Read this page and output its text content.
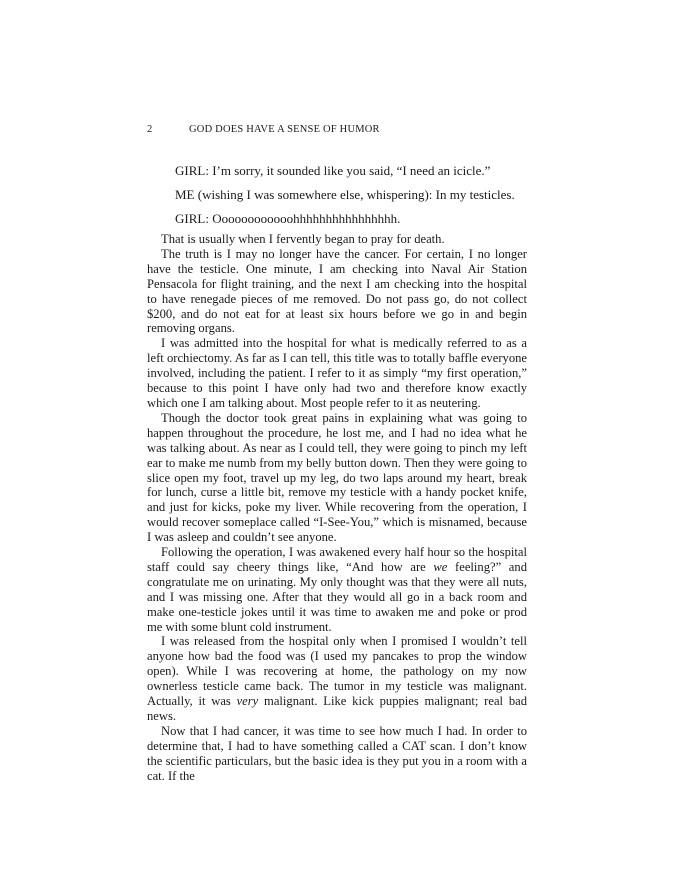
2	GOD DOES HAVE A SENSE OF HUMOR

GIRL: I’m sorry, it sounded like you said, “I need an icicle.”

ME (wishing I was somewhere else, whispering): In my testicles.

GIRL: Oooooooooooohhhhhhhhhhhhhhhh.

That is usually when I fervently began to pray for death.

The truth is I may no longer have the cancer. For certain, I no longer have the testicle. One minute, I am checking into Naval Air Station Pensacola for flight training, and the next I am checking into the hospital to have renegade pieces of me removed. Do not pass go, do not collect $200, and do not eat for at least six hours before we go in and begin removing organs.

I was admitted into the hospital for what is medically referred to as a left orchiectomy. As far as I can tell, this title was to totally baffle everyone involved, including the patient. I refer to it as simply “my first operation,” because to this point I have only had two and therefore know exactly which one I am talking about. Most people refer to it as neutering.

Though the doctor took great pains in explaining what was going to happen throughout the procedure, he lost me, and I had no idea what he was talking about. As near as I could tell, they were going to pinch my left ear to make me numb from my belly button down. Then they were going to slice open my foot, travel up my leg, do two laps around my heart, break for lunch, curse a little bit, remove my testicle with a handy pocket knife, and just for kicks, poke my liver. While recovering from the operation, I would recover someplace called “I-See-You,” which is misnamed, because I was asleep and couldn’t see anyone.

Following the operation, I was awakened every half hour so the hospital staff could say cheery things like, “And how are we feeling?” and congratulate me on urinating. My only thought was that they were all nuts, and I was missing one. After that they would all go in a back room and make one-testicle jokes until it was time to awaken me and poke or prod me with some blunt cold instrument.

I was released from the hospital only when I promised I wouldn’t tell anyone how bad the food was (I used my pancakes to prop the window open). While I was recovering at home, the pathology on my now ownerless testicle came back. The tumor in my testicle was malignant. Actually, it was very malignant. Like kick puppies malignant; real bad news.

Now that I had cancer, it was time to see how much I had. In order to determine that, I had to have something called a CAT scan. I don’t know the scientific particulars, but the basic idea is they put you in a room with a cat. If the
